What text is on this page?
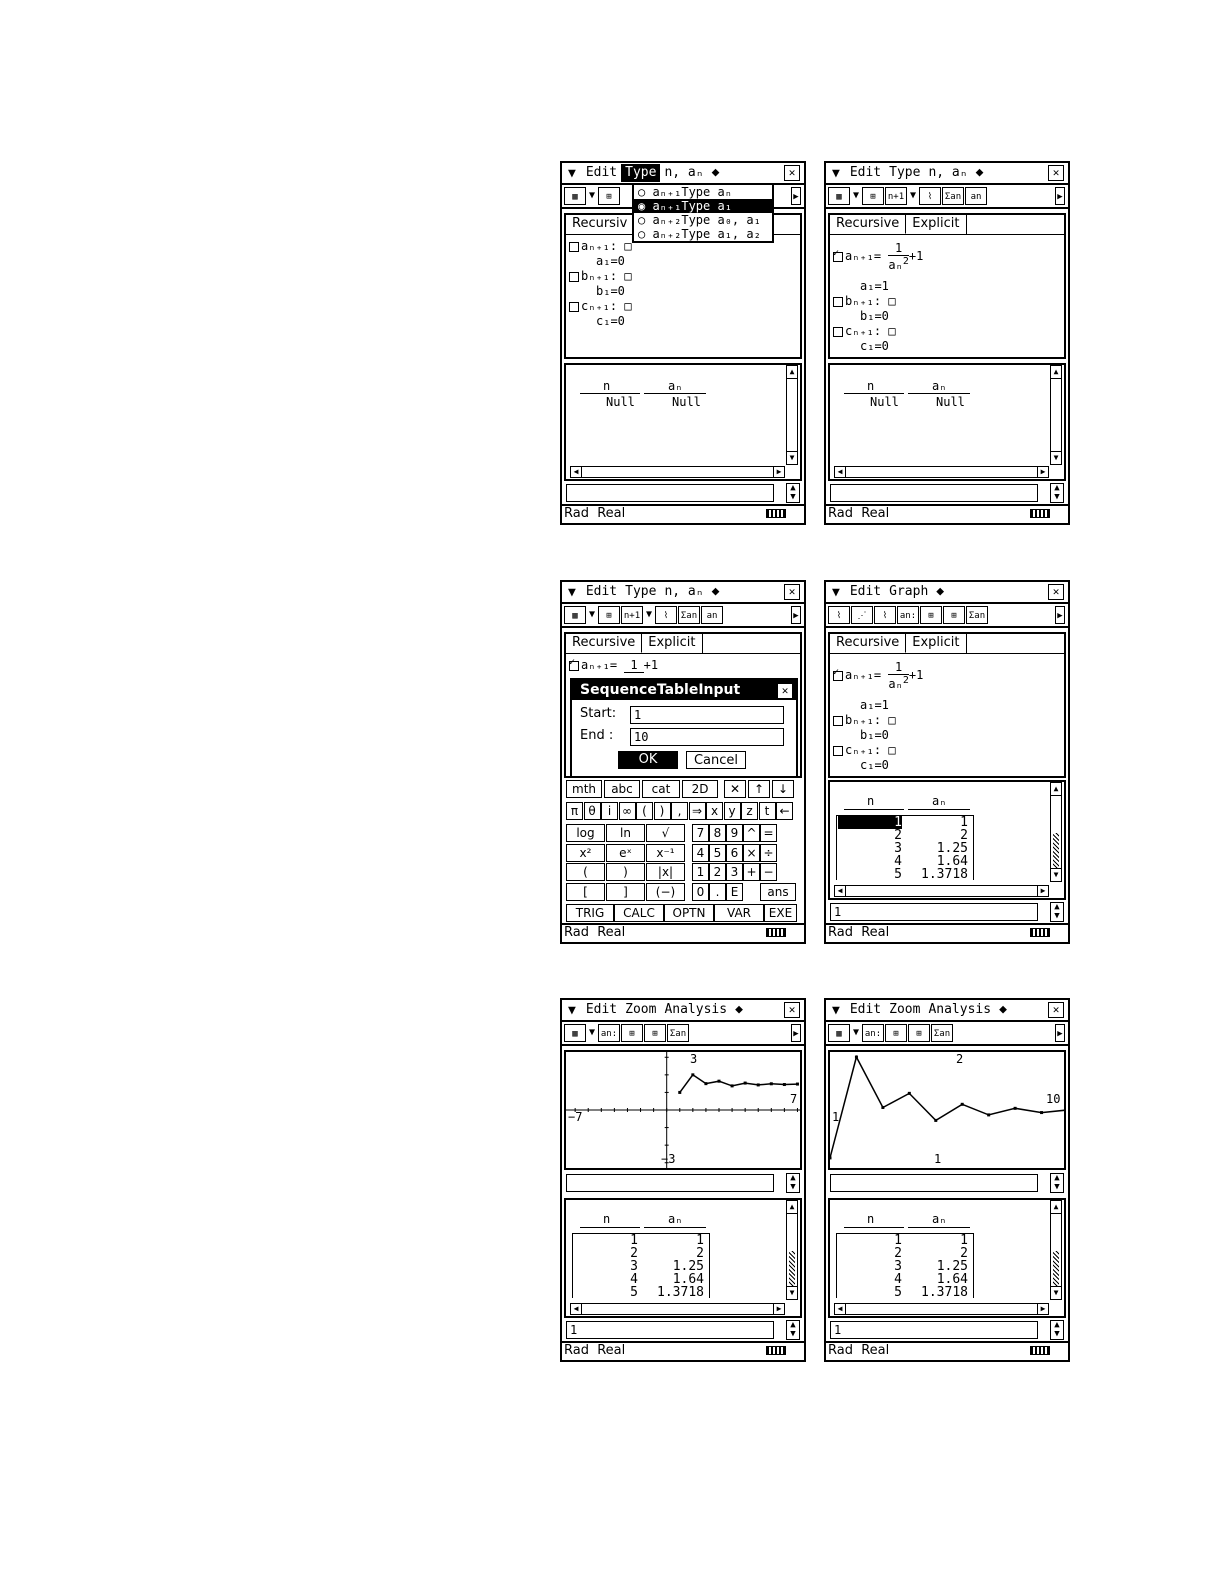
▼ Edit Type n, aₙ ◆	✕
▦	▼	⊞	▶
Recursiv
aₙ₊₁: □
a₁=0
bₙ₊₁: □
b₁=0
cₙ₊₁: □
c₁=0
○ aₙ₊₁Type aₙ
◉ aₙ₊₁Type a₁
○ aₙ₊₂Type a₀, a₁
○ aₙ₊₂Type a₁, a₂
n	aₙ
Null	Null
▲
▼
◀	▶
▲
▼
Rad Real
▼ Edit Type n, aₙ ◆	✕
▦	▼	⊞	n+1 ▼	⌇	Σan	an	▶
Recursive	Explicit
✓aₙ₊₁= $\frac{1}{a_n^2} +1$
a₁=1
bₙ₊₁: □
b₁=0
cₙ₊₁: □
c₁=0
n	aₙ
Null	Null
▲
▼
◀	▶
▲
▼
Rad Real
▼ Edit Type n, aₙ ◆	✕
▦	▼	⊞	n+1 ▼	⌇	Σan	an	▶
Recursive	Explicit
✓aₙ₊₁=	1 +1
SequenceTableInput	✕
Start:	1
End :	10
OK	Cancel
mth	abc	cat	2D	✕	↑	↓
π θ	i ∞ (	)	, ⇒ x y z t ←
log	ln	√
x²	eˣ	x⁻¹
(	)	|x|
[	]	(−)
7 8 9 ^ =
4 5 6 × ÷
1 2 3 + −
0 . E	ans
TRIG	CALC	OPTN	VAR	EXE
Rad Real
▼ Edit Graph ◆	✕
⌇	⋰	⌇	an:	⊞	⊞	Σan	▶
Recursive	Explicit
✓aₙ₊₁= $\frac{1}{a_n^2} +1$
a₁=1
bₙ₊₁: □
b₁=0
cₙ₊₁: □
c₁=0
n	aₙ
▲
▼
◀	▶
1	1
2	2
3	1.25
4	1.64
5	1.3718
1	▲
▼
Rad Real
▼ Edit Zoom Analysis ◆	✕
▦	▼ an:	⊞	⊞	Σan	▶
3
7
−7
−3
▲
▼
n	aₙ
▲
▼
◀	▶
1	1
2	2
3	1.25
4	1.64
5	1.3718
1	▲
▼
Rad Real
▼ Edit Zoom Analysis ◆	✕
▦	▼ an:	⊞	⊞	Σan	▶
2
10
1
1
▲
▼
n	aₙ
▲
▼
◀	▶
1	1
2	2
3	1.25
4	1.64
5	1.3718
1	▲
▼
Rad Real
